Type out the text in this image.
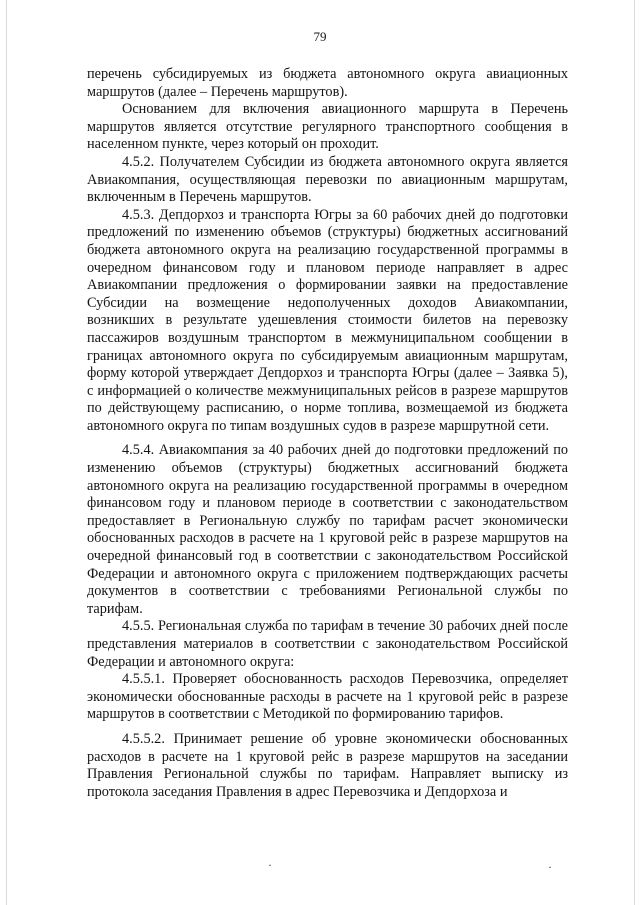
79

перечень субсидируемых из бюджета автономного округа авиационных маршрутов (далее – Перечень маршрутов).

Основанием для включения авиационного маршрута в Перечень маршрутов является отсутствие регулярного транспортного сообщения в населенном пункте, через который он проходит.

4.5.2. Получателем Субсидии из бюджета автономного округа является Авиакомпания, осуществляющая перевозки по авиационным маршрутам, включенным в Перечень маршрутов.

4.5.3. Депдорхоз и транспорта Югры за 60 рабочих дней до подготовки предложений по изменению объемов (структуры) бюджетных ассигнований бюджета автономного округа на реализацию государственной программы в очередном финансовом году и плановом периоде направляет в адрес Авиакомпании предложения о формировании заявки на предоставление Субсидии на возмещение недополученных доходов Авиакомпании, возникших в результате удешевления стоимости билетов на перевозку пассажиров воздушным транспортом в межмуниципальном сообщении в границах автономного округа по субсидируемым авиационным маршрутам, форму которой утверждает Депдорхоз и транспорта Югры (далее – Заявка 5), с информацией о количестве межмуниципальных рейсов в разрезе маршрутов по действующему расписанию, о норме топлива, возмещаемой из бюджета автономного округа по типам воздушных судов в разрезе маршрутной сети.

4.5.4. Авиакомпания за 40 рабочих дней до подготовки предложений по изменению объемов (структуры) бюджетных ассигнований бюджета автономного округа на реализацию государственной программы в очередном финансовом году и плановом периоде в соответствии с законодательством предоставляет в Региональную службу по тарифам расчет экономически обоснованных расходов в расчете на 1 круговой рейс в разрезе маршрутов на очередной финансовый год в соответствии с законодательством Российской Федерации и автономного округа с приложением подтверждающих расчеты документов в соответствии с требованиями Региональной службы по тарифам.

4.5.5. Региональная служба по тарифам в течение 30 рабочих дней после представления материалов в соответствии с законодательством Российской Федерации и автономного округа:

4.5.5.1. Проверяет обоснованность расходов Перевозчика, определяет экономически обоснованные расходы в расчете на 1 круговой рейс в разрезе маршрутов в соответствии с Методикой по формированию тарифов.

4.5.5.2. Принимает решение об уровне экономически обоснованных расходов в расчете на 1 круговой рейс в разрезе маршрутов на заседании Правления Региональной службы по тарифам. Направляет выписку из протокола заседания Правления в адрес Перевозчика и Депдорхоза и

·	·
